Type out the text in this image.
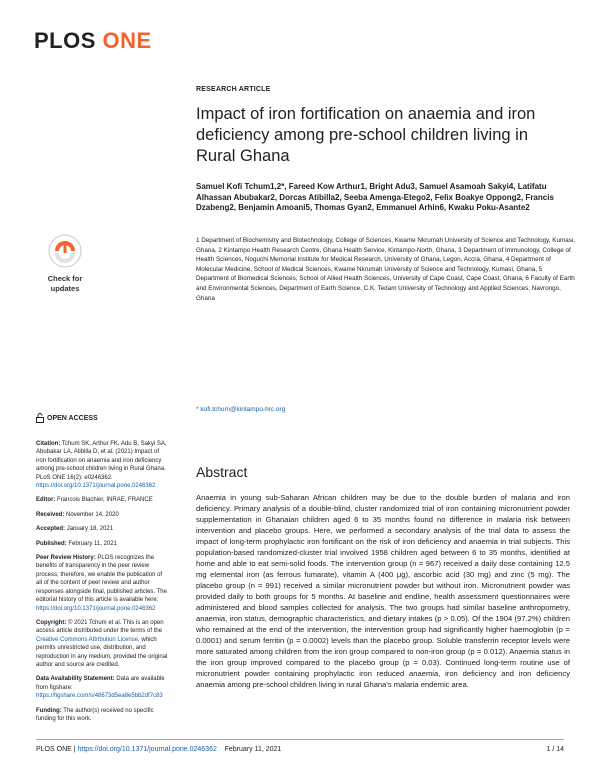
PLOS ONE
RESEARCH ARTICLE
Impact of iron fortification on anaemia and iron deficiency among pre-school children living in Rural Ghana
Samuel Kofi Tchum1,2*, Fareed Kow Arthur1, Bright Adu3, Samuel Asamoah Sakyi4, Latifatu Alhassan Abubakar2, Dorcas Atibilla2, Seeba Amenga-Etego2, Felix Boakye Oppong2, Francis Dzabeng2, Benjamin Amoani5, Thomas Gyan2, Emmanuel Arhin6, Kwaku Poku-Asante2
1 Department of Biochemistry and Biotechnology, College of Sciences, Kwame Nkrumah University of Science and Technology, Kumasi, Ghana, 2 Kintampo Health Research Centre, Ghana Health Service, Kintampo-North, Ghana, 3 Department of Immunology, College of Health Sciences, Noguchi Memorial Institute for Medical Research, University of Ghana, Legon, Accra, Ghana, 4 Department of Molecular Medicine, School of Medical Sciences, Kwame Nkrumah University of Science and Technology, Kumasi, Ghana, 5 Department of Biomedical Sciences, School of Allied Health Sciences, University of Cape Coast, Cape Coast, Ghana, 6 Faculty of Earth and Environmental Sciences, Department of Earth Science, C.K. Tedam University of Technology and Applied Sciences, Navrongo, Ghana
* kofi.tchum@kintampo-hrc.org
Check for
updates
OPEN ACCESS

Citation: Tchum SK, Arthur FK, Adu B, Sakyi SA, Abubakar LA, Atibilla D, et al. (2021) Impact of iron fortification on anaemia and iron deficiency among pre-school children living in Rural Ghana. PLoS ONE 16(2): e0246362. https://doi.org/10.1371/journal.pone.0246362

Editor: Francois Blachier, INRAE, FRANCE

Received: November 14, 2020

Accepted: January 18, 2021

Published: February 11, 2021

Peer Review History: PLOS recognizes the benefits of transparency in the peer review process; therefore, we enable the publication of all of the content of peer review and author responses alongside final, published articles. The editorial history of this article is available here: https://doi.org/10.1371/journal.pone.0246362

Copyright: © 2021 Tchum et al. This is an open access article distributed under the terms of the Creative Commons Attribution License, which permits unrestricted use, distribution, and reproduction in any medium, provided the original author and source are credited.

Data Availability Statement: Data are available from figshare: https://figshare.com/s/48673d5ea8e5bb2df7c83

Funding: The author(s) received no specific funding for this work.

Abstract
Anaemia in young sub-Saharan African children may be due to the double burden of malaria and iron deficiency. Primary analysis of a double-blind, cluster randomized trial of iron containing micronutrient powder supplementation in Ghanaian children aged 6 to 35 months found no difference in malaria risk between intervention and placebo groups. Here, we performed a secondary analysis of the trial data to assess the impact of long-term prophylactic iron fortificant on the risk of iron deficiency and anaemia in trial subjects. This population-based randomized-cluster trial involved 1958 children aged between 6 to 35 months, identified at home and able to eat semi-solid foods. The intervention group (n = 967) received a daily dose containing 12.5 mg elemental iron (as ferrous fumarate), vitamin A (400 μg), ascorbic acid (30 mg) and zinc (5 mg). The placebo group (n = 991) received a similar micronutrient powder but without iron. Micronutrient powder was provided daily to both groups for 5 months. At baseline and endline, health assessment questionnaires were administered and blood samples collected for analysis. The two groups had similar baseline anthropometry, anaemia, iron status, demographic characteristics, and dietary intakes (p > 0.05). Of the 1904 (97.2%) children who remained at the end of the intervention, the intervention group had significantly higher haemoglobin (p = 0.0001) and serum ferritin (p = 0.0002) levels than the placebo group. Soluble transferrin receptor levels were more saturated among children from the iron group compared to non-iron group (p = 0.012). Anaemia status in the iron group improved compared to the placebo group (p = 0.03). Continued long-term routine use of micronutrient powder containing prophylactic iron reduced anaemia, iron deficiency and iron deficiency anaemia among pre-school children living in rural Ghana's malaria endemic area.
PLOS ONE | https://doi.org/10.1371/journal.pone.0246362 February 11, 2021	1 / 14
